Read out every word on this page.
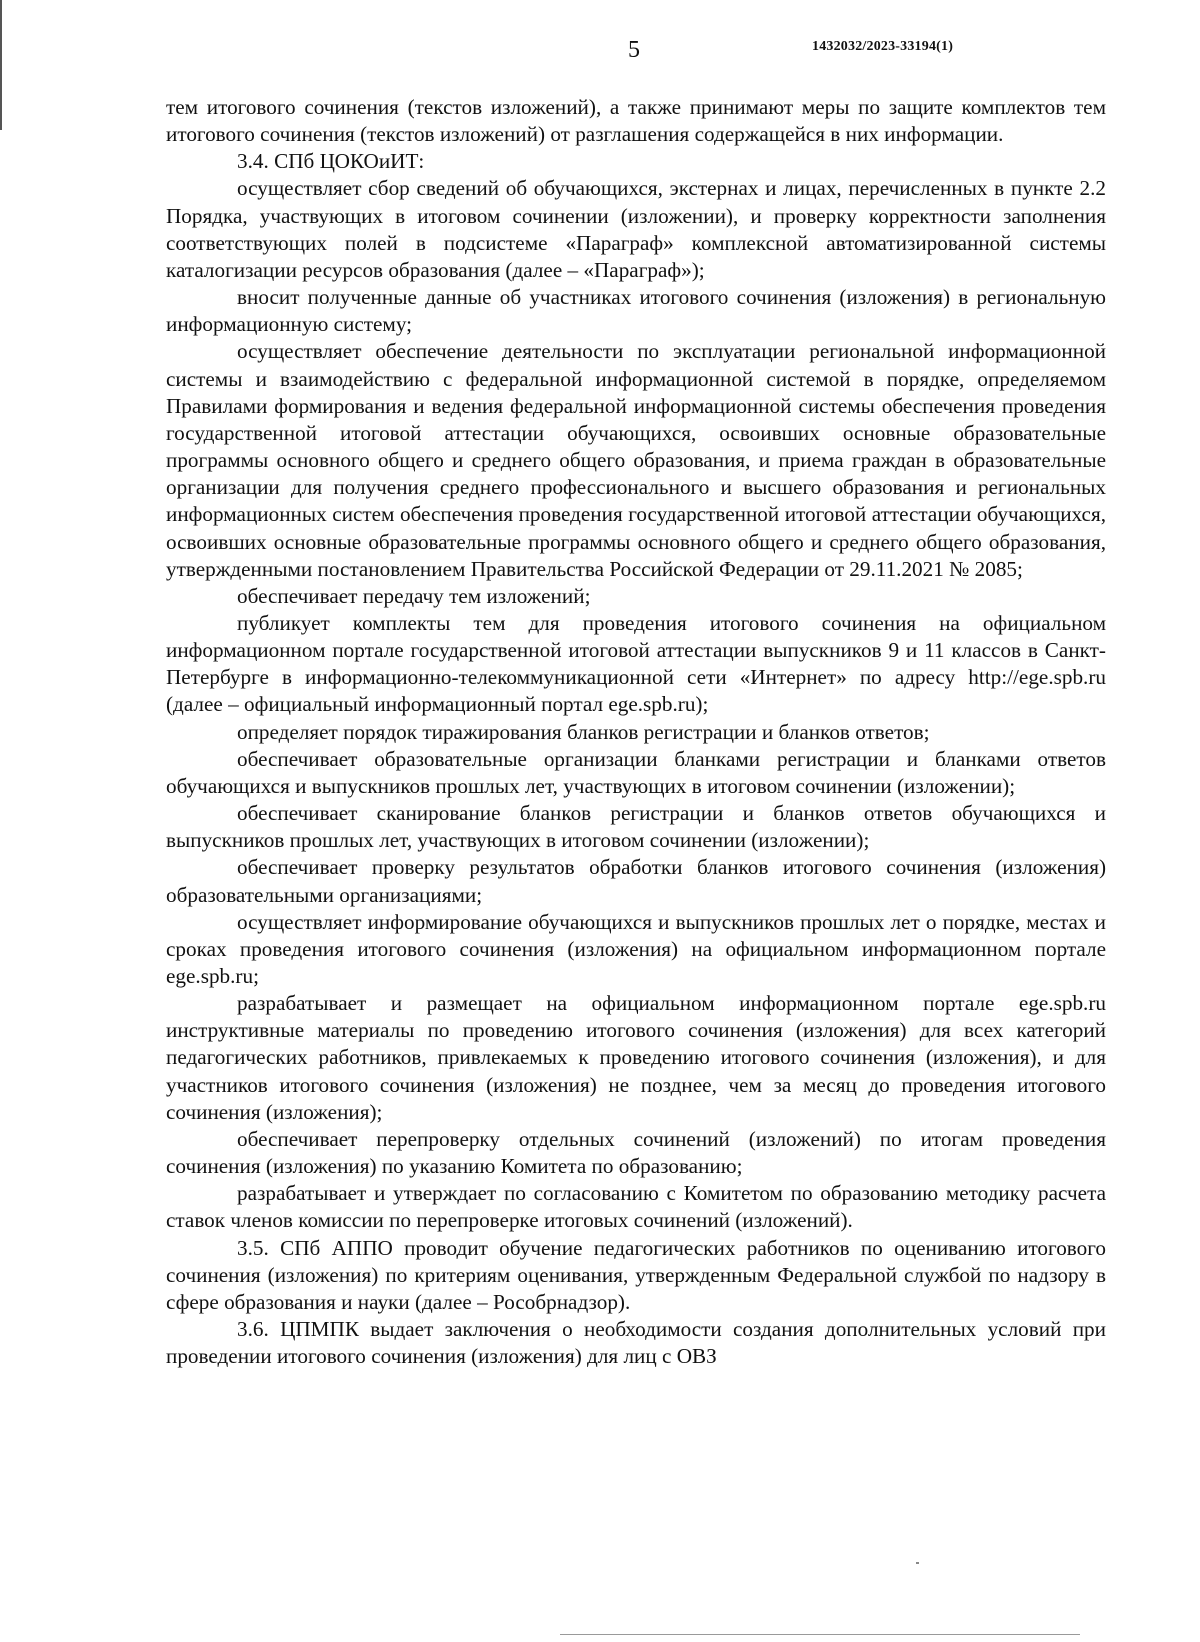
5	1432032/2023-33194(1)

тем итогового сочинения (текстов изложений), а также принимают меры по защите комплектов тем итогового сочинения (текстов изложений) от разглашения содержащейся в них информации.

3.4. СПб ЦОКОиИТ:

осуществляет сбор сведений об обучающихся, экстернах и лицах, перечисленных в пункте 2.2 Порядка, участвующих в итоговом сочинении (изложении), и проверку корректности заполнения соответствующих полей в подсистеме «Параграф» комплексной автоматизированной системы каталогизации ресурсов образования (далее – «Параграф»);

вносит полученные данные об участниках итогового сочинения (изложения) в региональную информационную систему;

осуществляет обеспечение деятельности по эксплуатации региональной информационной системы и взаимодействию с федеральной информационной системой в порядке, определяемом Правилами формирования и ведения федеральной информационной системы обеспечения проведения государственной итоговой аттестации обучающихся, освоивших основные образовательные программы основного общего и среднего общего образования, и приема граждан в образовательные организации для получения среднего профессионального и высшего образования и региональных информационных систем обеспечения проведения государственной итоговой аттестации обучающихся, освоивших основные образовательные программы основного общего и среднего общего образования, утвержденными постановлением Правительства Российской Федерации от 29.11.2021 № 2085;

обеспечивает передачу тем изложений;

публикует комплекты тем для проведения итогового сочинения на официальном информационном портале государственной итоговой аттестации выпускников 9 и 11 классов в Санкт-Петербурге в информационно-телекоммуникационной сети «Интернет» по адресу http://ege.spb.ru (далее – официальный информационный портал ege.spb.ru);

определяет порядок тиражирования бланков регистрации и бланков ответов;

обеспечивает образовательные организации бланками регистрации и бланками ответов обучающихся и выпускников прошлых лет, участвующих в итоговом сочинении (изложении);

обеспечивает сканирование бланков регистрации и бланков ответов обучающихся и выпускников прошлых лет, участвующих в итоговом сочинении (изложении);

обеспечивает проверку результатов обработки бланков итогового сочинения (изложения) образовательными организациями;

осуществляет информирование обучающихся и выпускников прошлых лет о порядке, местах и сроках проведения итогового сочинения (изложения) на официальном информационном портале ege.spb.ru;

разрабатывает и размещает на официальном информационном портале ege.spb.ru инструктивные материалы по проведению итогового сочинения (изложения) для всех категорий педагогических работников, привлекаемых к проведению итогового сочинения (изложения), и для участников итогового сочинения (изложения) не позднее, чем за месяц до проведения итогового сочинения (изложения);

обеспечивает перепроверку отдельных сочинений (изложений) по итогам проведения сочинения (изложения) по указанию Комитета по образованию;

разрабатывает и утверждает по согласованию с Комитетом по образованию методику расчета ставок членов комиссии по перепроверке итоговых сочинений (изложений).

3.5. СПб АППО проводит обучение педагогических работников по оцениванию итогового сочинения (изложения) по критериям оценивания, утвержденным Федеральной службой по надзору в сфере образования и науки (далее – Рособрнадзор).

3.6. ЦПМПК выдает заключения о необходимости создания дополнительных условий при проведении итогового сочинения (изложения) для лиц с ОВЗ
